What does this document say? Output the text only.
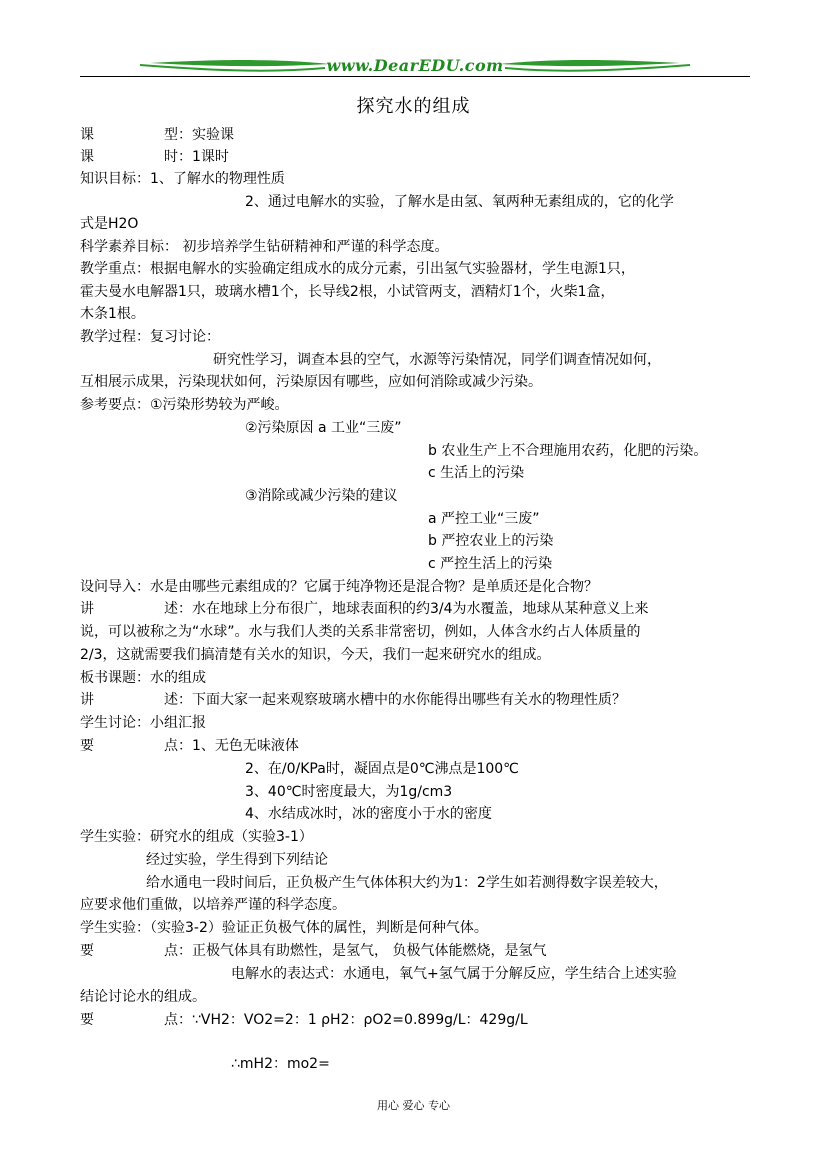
www.DearEDU.com
探究水的组成
课	型：实验课
课	时：1课时
知识目标：1、了解水的物理性质
2、通过电解水的实验，了解水是由氢、氧两种无素组成的，它的化学
式是H2O
科学素养目标： 初步培养学生钻研精神和严谨的科学态度。
教学重点：根据电解水的实验确定组成水的成分元素，引出氢气实验器材，学生电源1只，
霍夫曼水电解器1只，玻璃水槽1个，长导线2根，小试管两支，酒精灯1个，火柴1盒，
木条1根。
教学过程：复习讨论：
研究性学习，调查本县的空气，水源等污染情况，同学们调查情况如何，
互相展示成果，污染现状如何，污染原因有哪些，应如何消除或减少污染。
参考要点：①污染形势较为严峻。
②污染原因 a 工业“三废”
b 农业生产上不合理施用农药，化肥的污染。
c 生活上的污染
③消除或减少污染的建议
a 严控工业“三废”
b 严控农业上的污染
c 严控生活上的污染
设问导入：水是由哪些元素组成的？它属于纯净物还是混合物？是单质还是化合物？
讲	述：水在地球上分布很广，地球表面积的约3/4为水覆盖，地球从某种意义上来
说，可以被称之为“水球”。水与我们人类的关系非常密切，例如，人体含水约占人体质量的
2/3，这就需要我们搞清楚有关水的知识，今天，我们一起来研究水的组成。
板书课题：水的组成
讲	述：下面大家一起来观察玻璃水槽中的水你能得出哪些有关水的物理性质？
学生讨论：小组汇报
要	点：1、无色无味液体
2、在/0/KPa时，凝固点是0℃沸点是100℃
3、40℃时密度最大，为1g/cm3
4、水结成冰时，冰的密度小于水的密度
学生实验：研究水的组成（实验3-1）
经过实验，学生得到下列结论
给水通电一段时间后，正负极产生气体体积大约为1：2学生如若测得数字误差较大，
应要求他们重做，以培养严谨的科学态度。
学生实验：（实验3-2）验证正负极气体的属性，判断是何种气体。
要	点：正极气体具有助燃性，是氢气， 负极气体能燃烧，是氢气
电解水的表达式：水通电，氧气+氢气属于分解反应，学生结合上述实验
结论讨论水的组成。
要	点：∵VH2：VO2=2：1 ρH2：ρO2=0.899g/L：429g/L
∴mH2：mo2=
用心 爱心 专心
